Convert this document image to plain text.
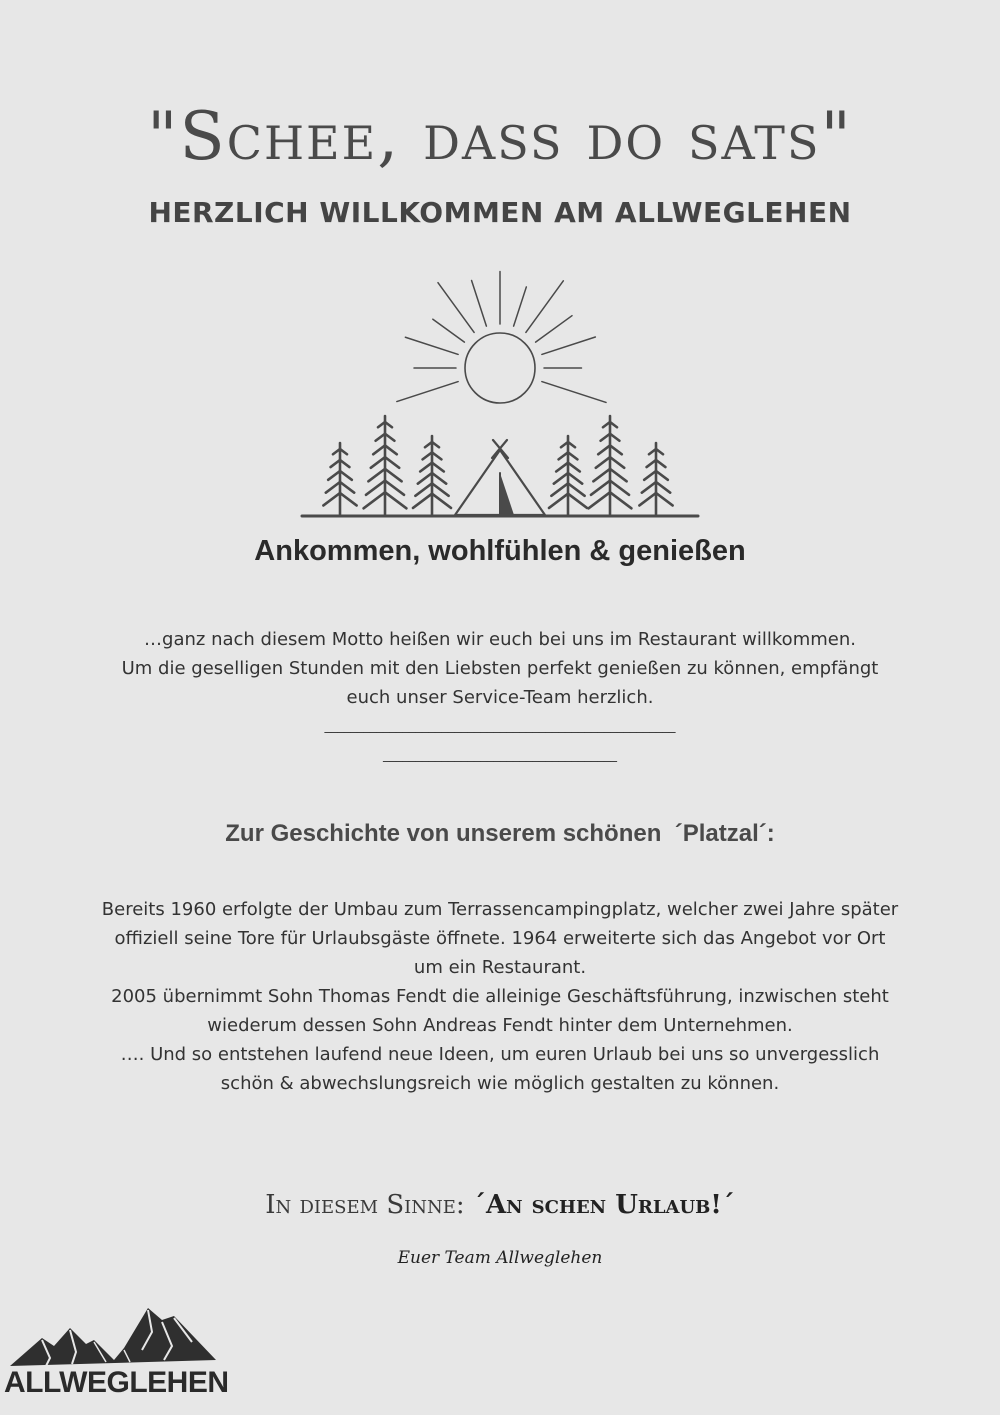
"Schee, dass do sats"
HERZLICH WILLKOMMEN AM ALLWEGLEHEN
Ankommen, wohlfühlen & genießen
…ganz nach diesem Motto heißen wir euch bei uns im Restaurant willkommen.
Um die geselligen Stunden mit den Liebsten perfekt genießen zu können, empfängt
euch unser Service-Team herzlich.
______________________________________________________
____________________________________
Zur Geschichte von unserem schönen  ´Platzal´:
Bereits 1960 erfolgte der Umbau zum Terrassencampingplatz, welcher zwei Jahre später
offiziell seine Tore für Urlaubsgäste öffnete. 1964 erweiterte sich das Angebot vor Ort
um ein Restaurant.
2005 übernimmt Sohn Thomas Fendt die alleinige Geschäftsführung, inzwischen steht
wiederum dessen Sohn Andreas Fendt hinter dem Unternehmen.
…. Und so entstehen laufend neue Ideen, um euren Urlaub bei uns so unvergesslich
schön & abwechslungsreich wie möglich gestalten zu können.
In diesem Sinne: ´An schen Urlaub!´
Euer Team Allweglehen
ALLWEGLEHEN
